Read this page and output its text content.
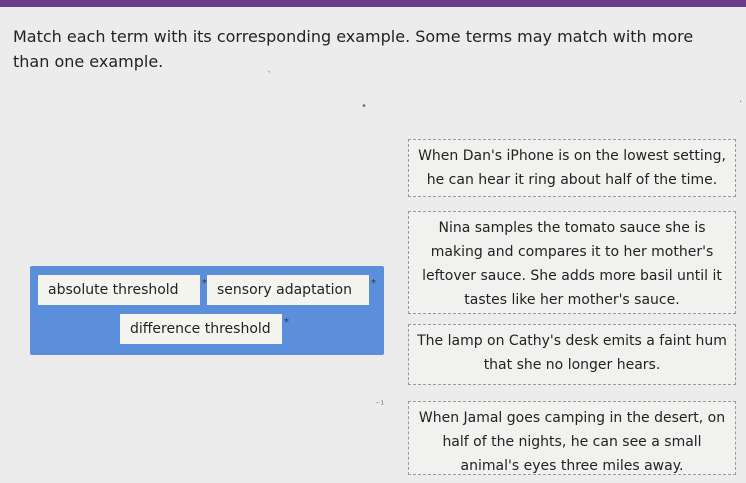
Match each term with its corresponding example. Some terms may match with more than one example.	ˎ
•	·
⁻¹
absolute threshold * sensory adaptation *
difference threshold *
When Dan's iPhone is on the lowest setting, he can hear it ring about half of the time.
Nina samples the tomato sauce she is making and compares it to her mother's leftover sauce. She adds more basil until it tastes like her mother's sauce.
The lamp on Cathy's desk emits a faint hum that she no longer hears.
When Jamal goes camping in the desert, on half of the nights, he can see a small animal's eyes three miles away.
